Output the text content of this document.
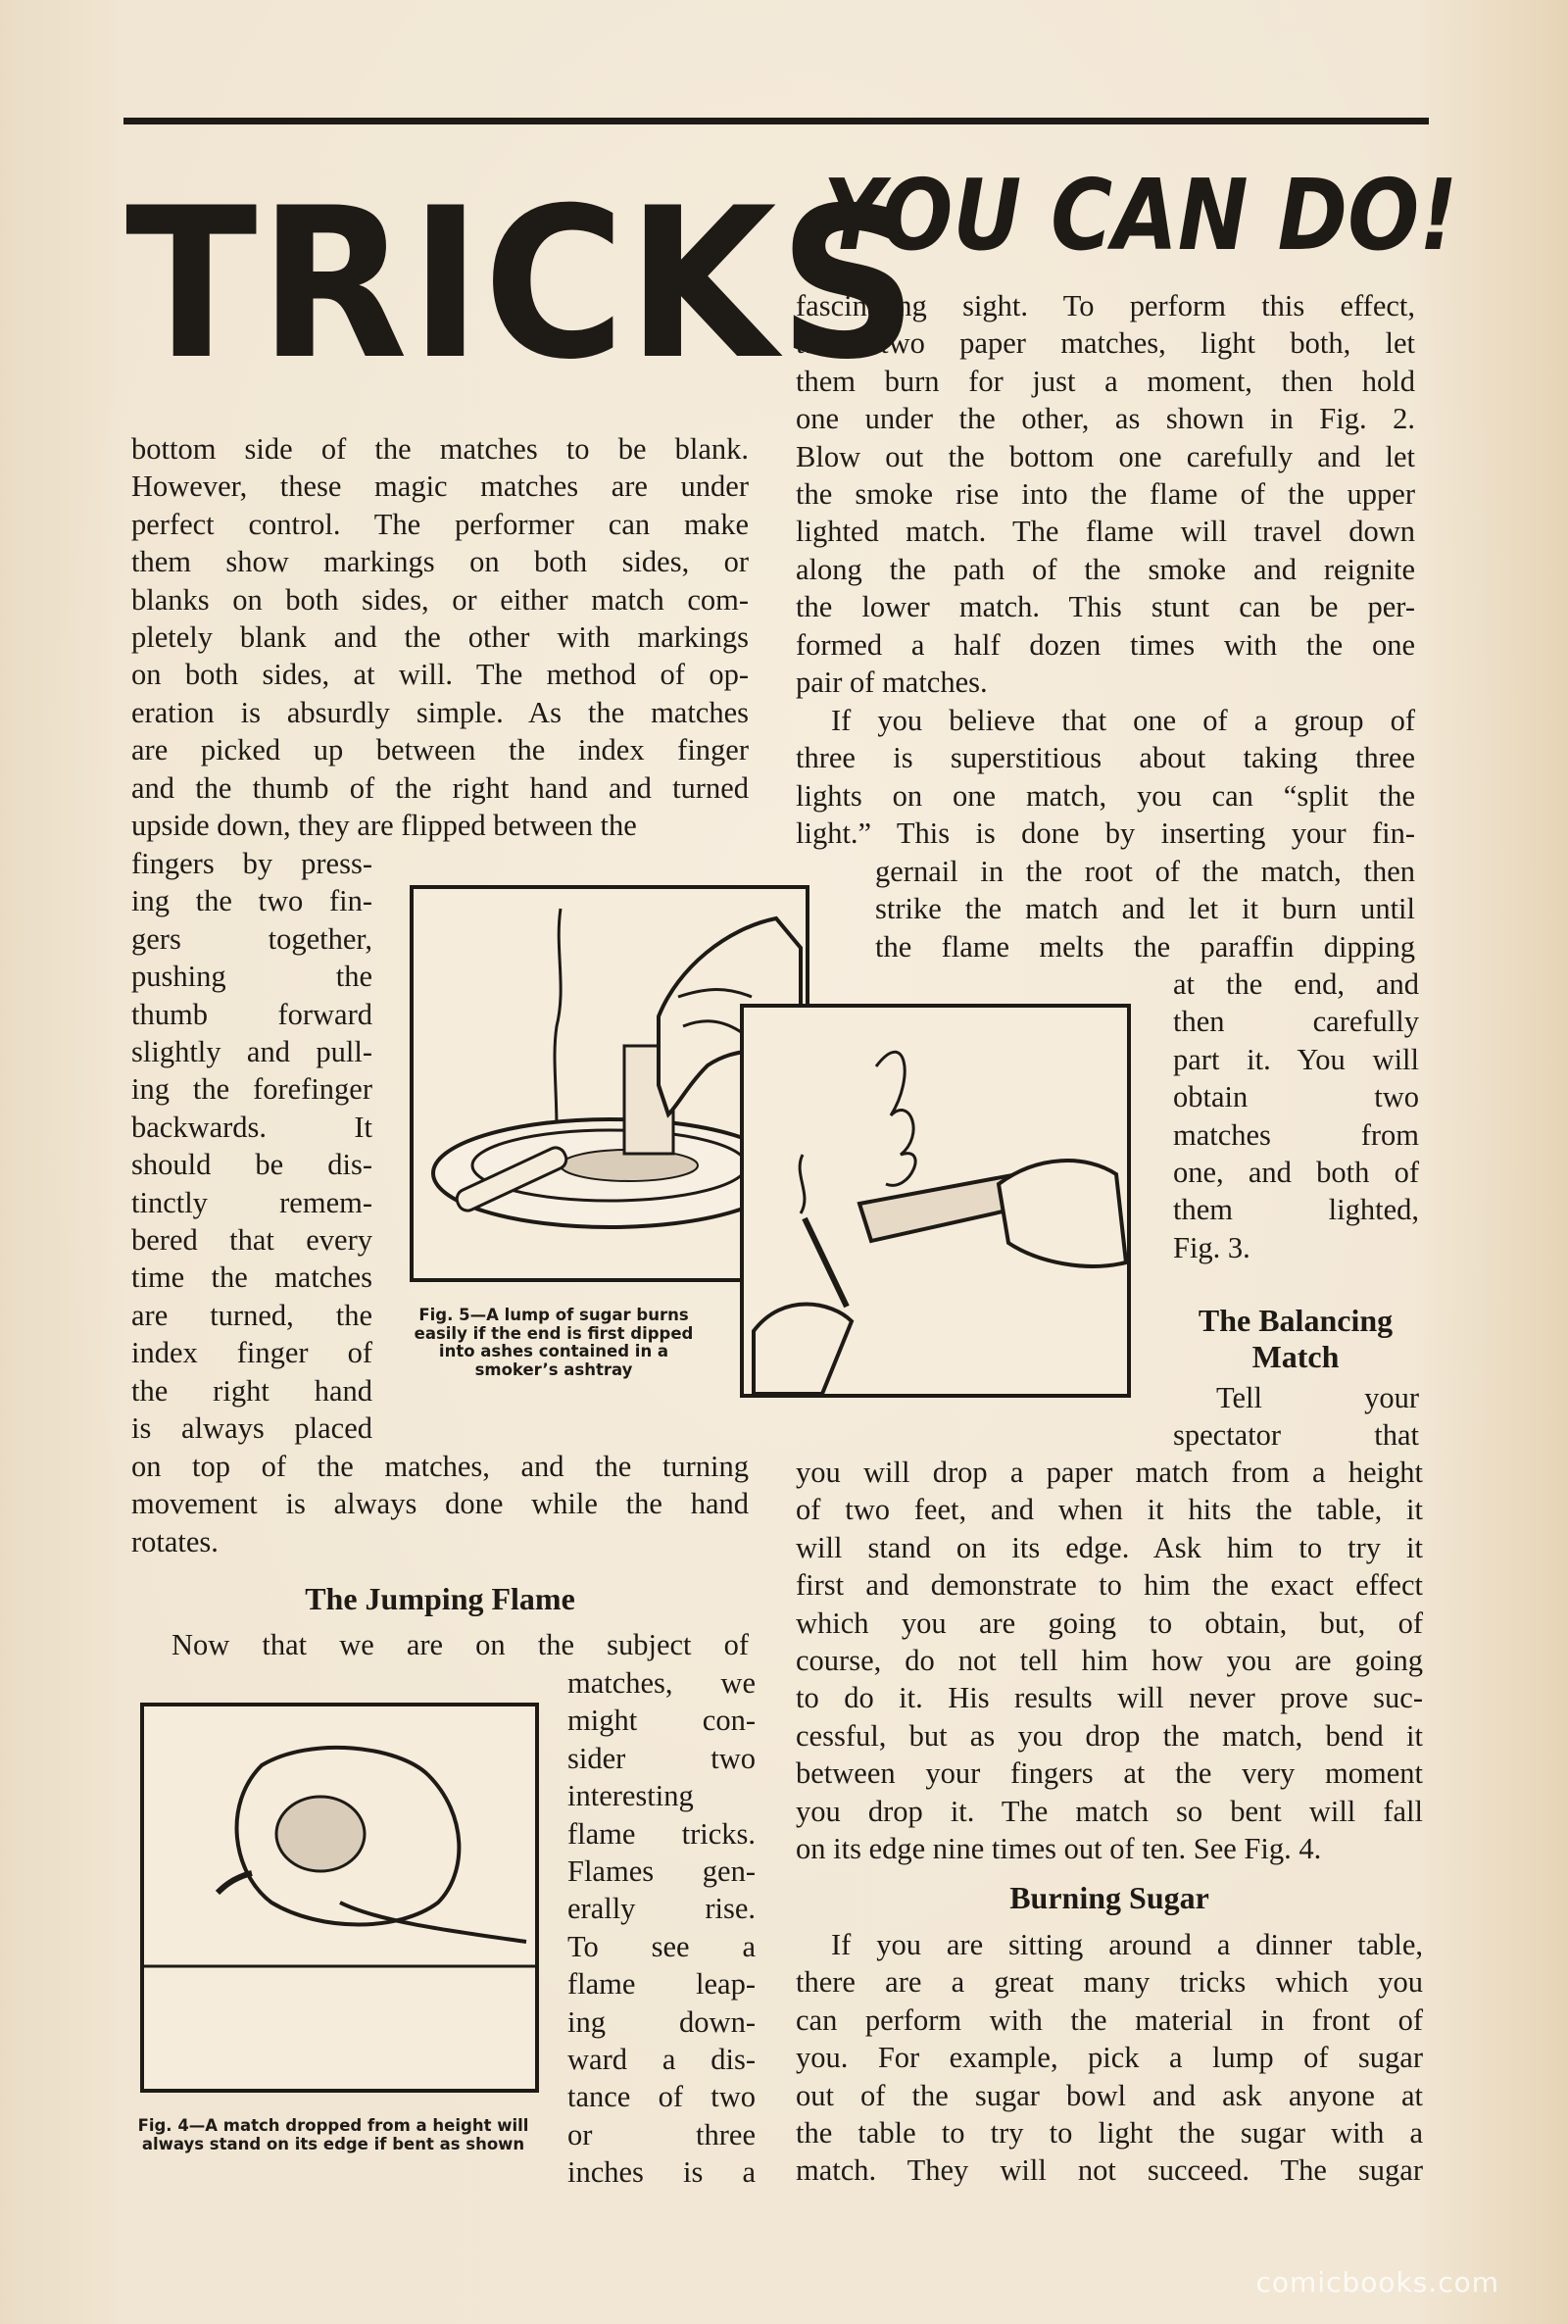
TRICKS
YOU CAN DO!
bottom side of the matches to be blank.
However, these magic matches are under
perfect control. The performer can make
them show markings on both sides, or
blanks on both sides, or either match com-
pletely blank and the other with markings
on both sides, at will. The method of op-
eration is absurdly simple. As the matches
are picked up between the index finger
and the thumb of the right hand and turned
upside down, they are flipped between the
fingers by press-
ing the two fin-
gers together,
pushing the
thumb forward
slightly and pull-
ing the forefinger
backwards. It
should be dis-
tinctly remem-
bered that every
time the matches
are turned, the
index finger of
the right hand
is always placed
on top of the matches, and the turning
movement is always done while the hand
rotates.
The Jumping Flame
Now that we are on the subject of
matches, we
might con-
sider two
interesting
flame tricks.
Flames gen-
erally rise.
To see a
flame leap-
ing down-
ward a dis-
tance of two
or three
inches is a
fascinating sight. To perform this effect,
take two paper matches, light both, let
them burn for just a moment, then hold
one under the other, as shown in Fig. 2.
Blow out the bottom one carefully and let
the smoke rise into the flame of the upper
lighted match. The flame will travel down
along the path of the smoke and reignite
the lower match. This stunt can be per-
formed a half dozen times with the one
pair of matches.
If you believe that one of a group of
three is superstitious about taking three
lights on one match, you can “split the
light.” This is done by inserting your fin-
gernail in the root of the match, then
strike the match and let it burn until
the flame melts the paraffin dipping
at the end, and
then carefully
part it. You will
obtain two
matches from
one, and both of
them lighted,
Fig. 3.
The Balancing
Match
Tell your
spectator that
you will drop a paper match from a height
of two feet, and when it hits the table, it
will stand on its edge. Ask him to try it
first and demonstrate to him the exact effect
which you are going to obtain, but, of
course, do not tell him how you are going
to do it. His results will never prove suc-
cessful, but as you drop the match, bend it
between your fingers at the very moment
you drop it. The match so bent will fall
on its edge nine times out of ten. See Fig. 4.
Burning Sugar
If you are sitting around a dinner table,
there are a great many tricks which you
can perform with the material in front of
you. For example, pick a lump of sugar
out of the sugar bowl and ask anyone at
the table to try to light the sugar with a
match. They will not succeed. The sugar
Fig. 5—A lump of sugar burns easily if the end is first dipped into ashes contained in a smoker’s ashtray
Fig. 4—A match dropped from a height will always stand on its edge if bent as shown
comicbooks.com
